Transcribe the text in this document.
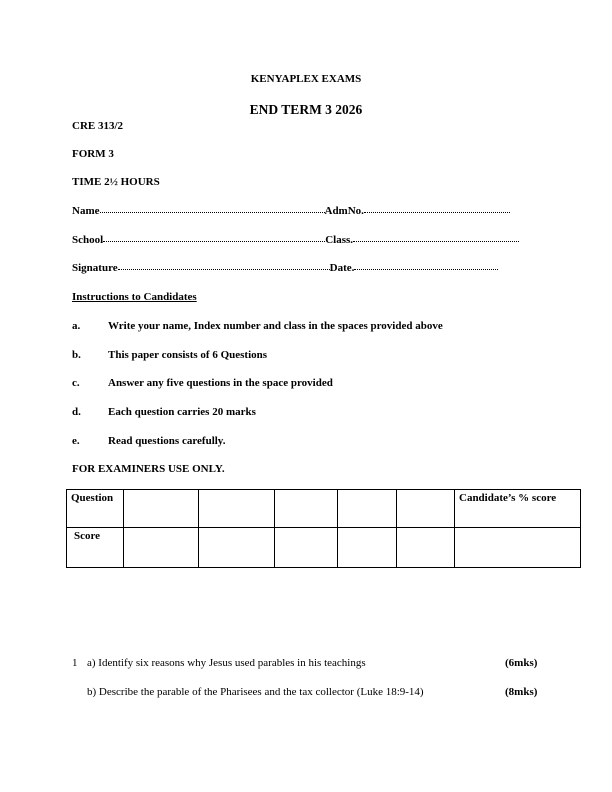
KENYAPLEX EXAMS
END TERM 3 2026
CRE 313/2
FORM 3
TIME 2½ HOURS
Name	AdmNo.
School	Class.
Signature	Date.
Instructions to Candidates
a.	Write your name, Index number and class in the spaces provided above
b. This paper consists of 6 Questions
c.	Answer any five questions in the space provided
d. Each question carries 20 marks
e.	Read questions carefully.
FOR EXAMINERS USE ONLY.
Question						Candidate’s % score
Score						
1 a) Identify six reasons why Jesus used parables in his teachings	(6mks)
b) Describe the parable of the Pharisees and the tax collector (Luke 18:9-14)	(8mks)
